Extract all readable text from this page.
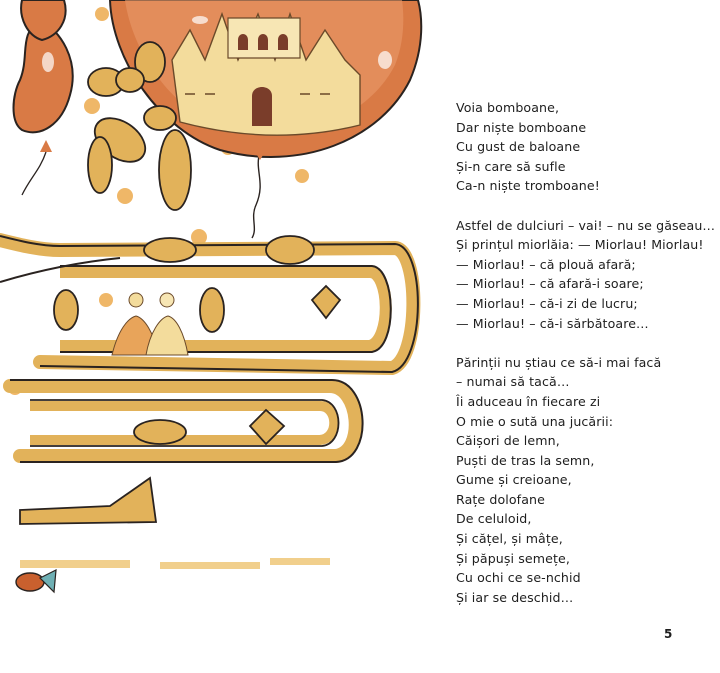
Voia bomboane,
Dar niște bomboane
Cu gust de baloane
Și-n care să sufle
Ca-n niște tromboane!
Astfel de dulciuri – vai! – nu se găseau…
Și prințul miorlăia: — Miorlau! Miorlau!
— Miorlau! – că plouă afară;
— Miorlau! – că afară-i soare;
— Miorlau! – că-i zi de lucru;
— Miorlau! – că-i sărbătoare…
Părinții nu știau ce să-i mai facă
– numai să tacă…
Îi aduceau în fiecare zi
O mie o sută una jucării:
Căișori de lemn,
Puști de tras la semn,
Gume și creioane,
Rațe dolofane
De celuloid,
Și cățel, și mâțe,
Și păpuși semețe,
Cu ochi ce se-nchid
Și iar se deschid…
5
